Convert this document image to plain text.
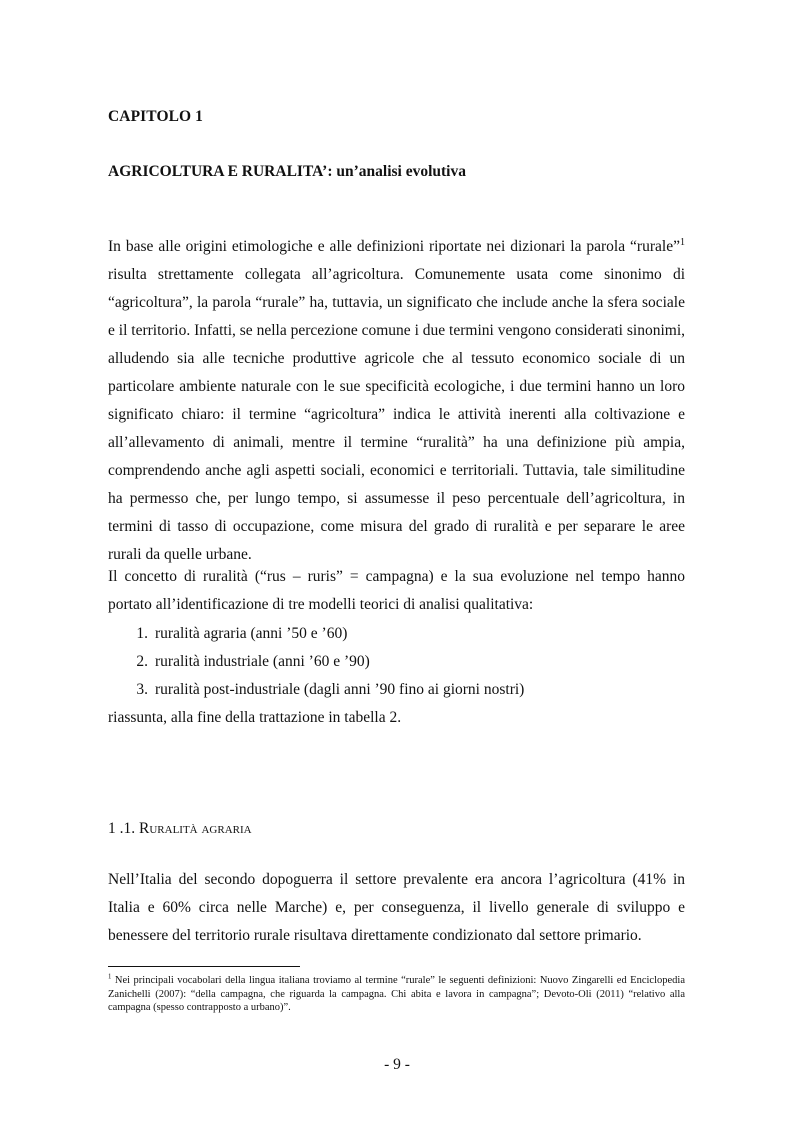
CAPITOLO 1
AGRICOLTURA E RURALITA’: un’analisi evolutiva

In base alle origini etimologiche e alle definizioni riportate nei dizionari la parola “rurale”$^1$ risulta strettamente collegata all’agricoltura. Comunemente usata come sinonimo di “agricoltura”, la parola “rurale” ha, tuttavia, un significato che include anche la sfera sociale e il territorio. Infatti, se nella percezione comune i due termini vengono considerati sinonimi, alludendo sia alle tecniche produttive agricole che al tessuto economico sociale di un particolare ambiente naturale con le sue specificità ecologiche, i due termini hanno un loro significato chiaro: il termine “agricoltura” indica le attività inerenti alla coltivazione e all’allevamento di animali, mentre il termine “ruralità” ha una definizione più ampia, comprendendo anche agli aspetti sociali, economici e territoriali. Tuttavia, tale similitudine ha permesso che, per lungo tempo, si assumesse il peso percentuale dell’agricoltura, in termini di tasso di occupazione, come misura del grado di ruralità e per separare le aree rurali da quelle urbane.

Il concetto di ruralità (“rus – ruris” = campagna) e la sua evoluzione nel tempo hanno portato all’identificazione di tre modelli teorici di analisi qualitativa:

1. ruralità agraria (anni ’50 e ’60)
2. ruralità industriale (anni ’60 e ’90)
3. ruralità post-industriale (dagli anni ’90 fino ai giorni nostri)

riassunta, alla fine della trattazione in tabella 2.

1 .1. Ruralità agraria

Nell’Italia del secondo dopoguerra il settore prevalente era ancora l’agricoltura (41% in Italia e 60% circa nelle Marche) e, per conseguenza, il livello generale di sviluppo e benessere del territorio rurale risultava direttamente condizionato dal settore primario.

$^1$ Nei principali vocabolari della lingua italiana troviamo al termine “rurale” le seguenti definizioni: Nuovo Zingarelli ed Enciclopedia Zanichelli (2007): “della campagna, che riguarda la campagna. Chi abita e lavora in campagna”; Devoto-Oli (2011) “relativo alla campagna (spesso contrapposto a urbano)”.
- 9 -
